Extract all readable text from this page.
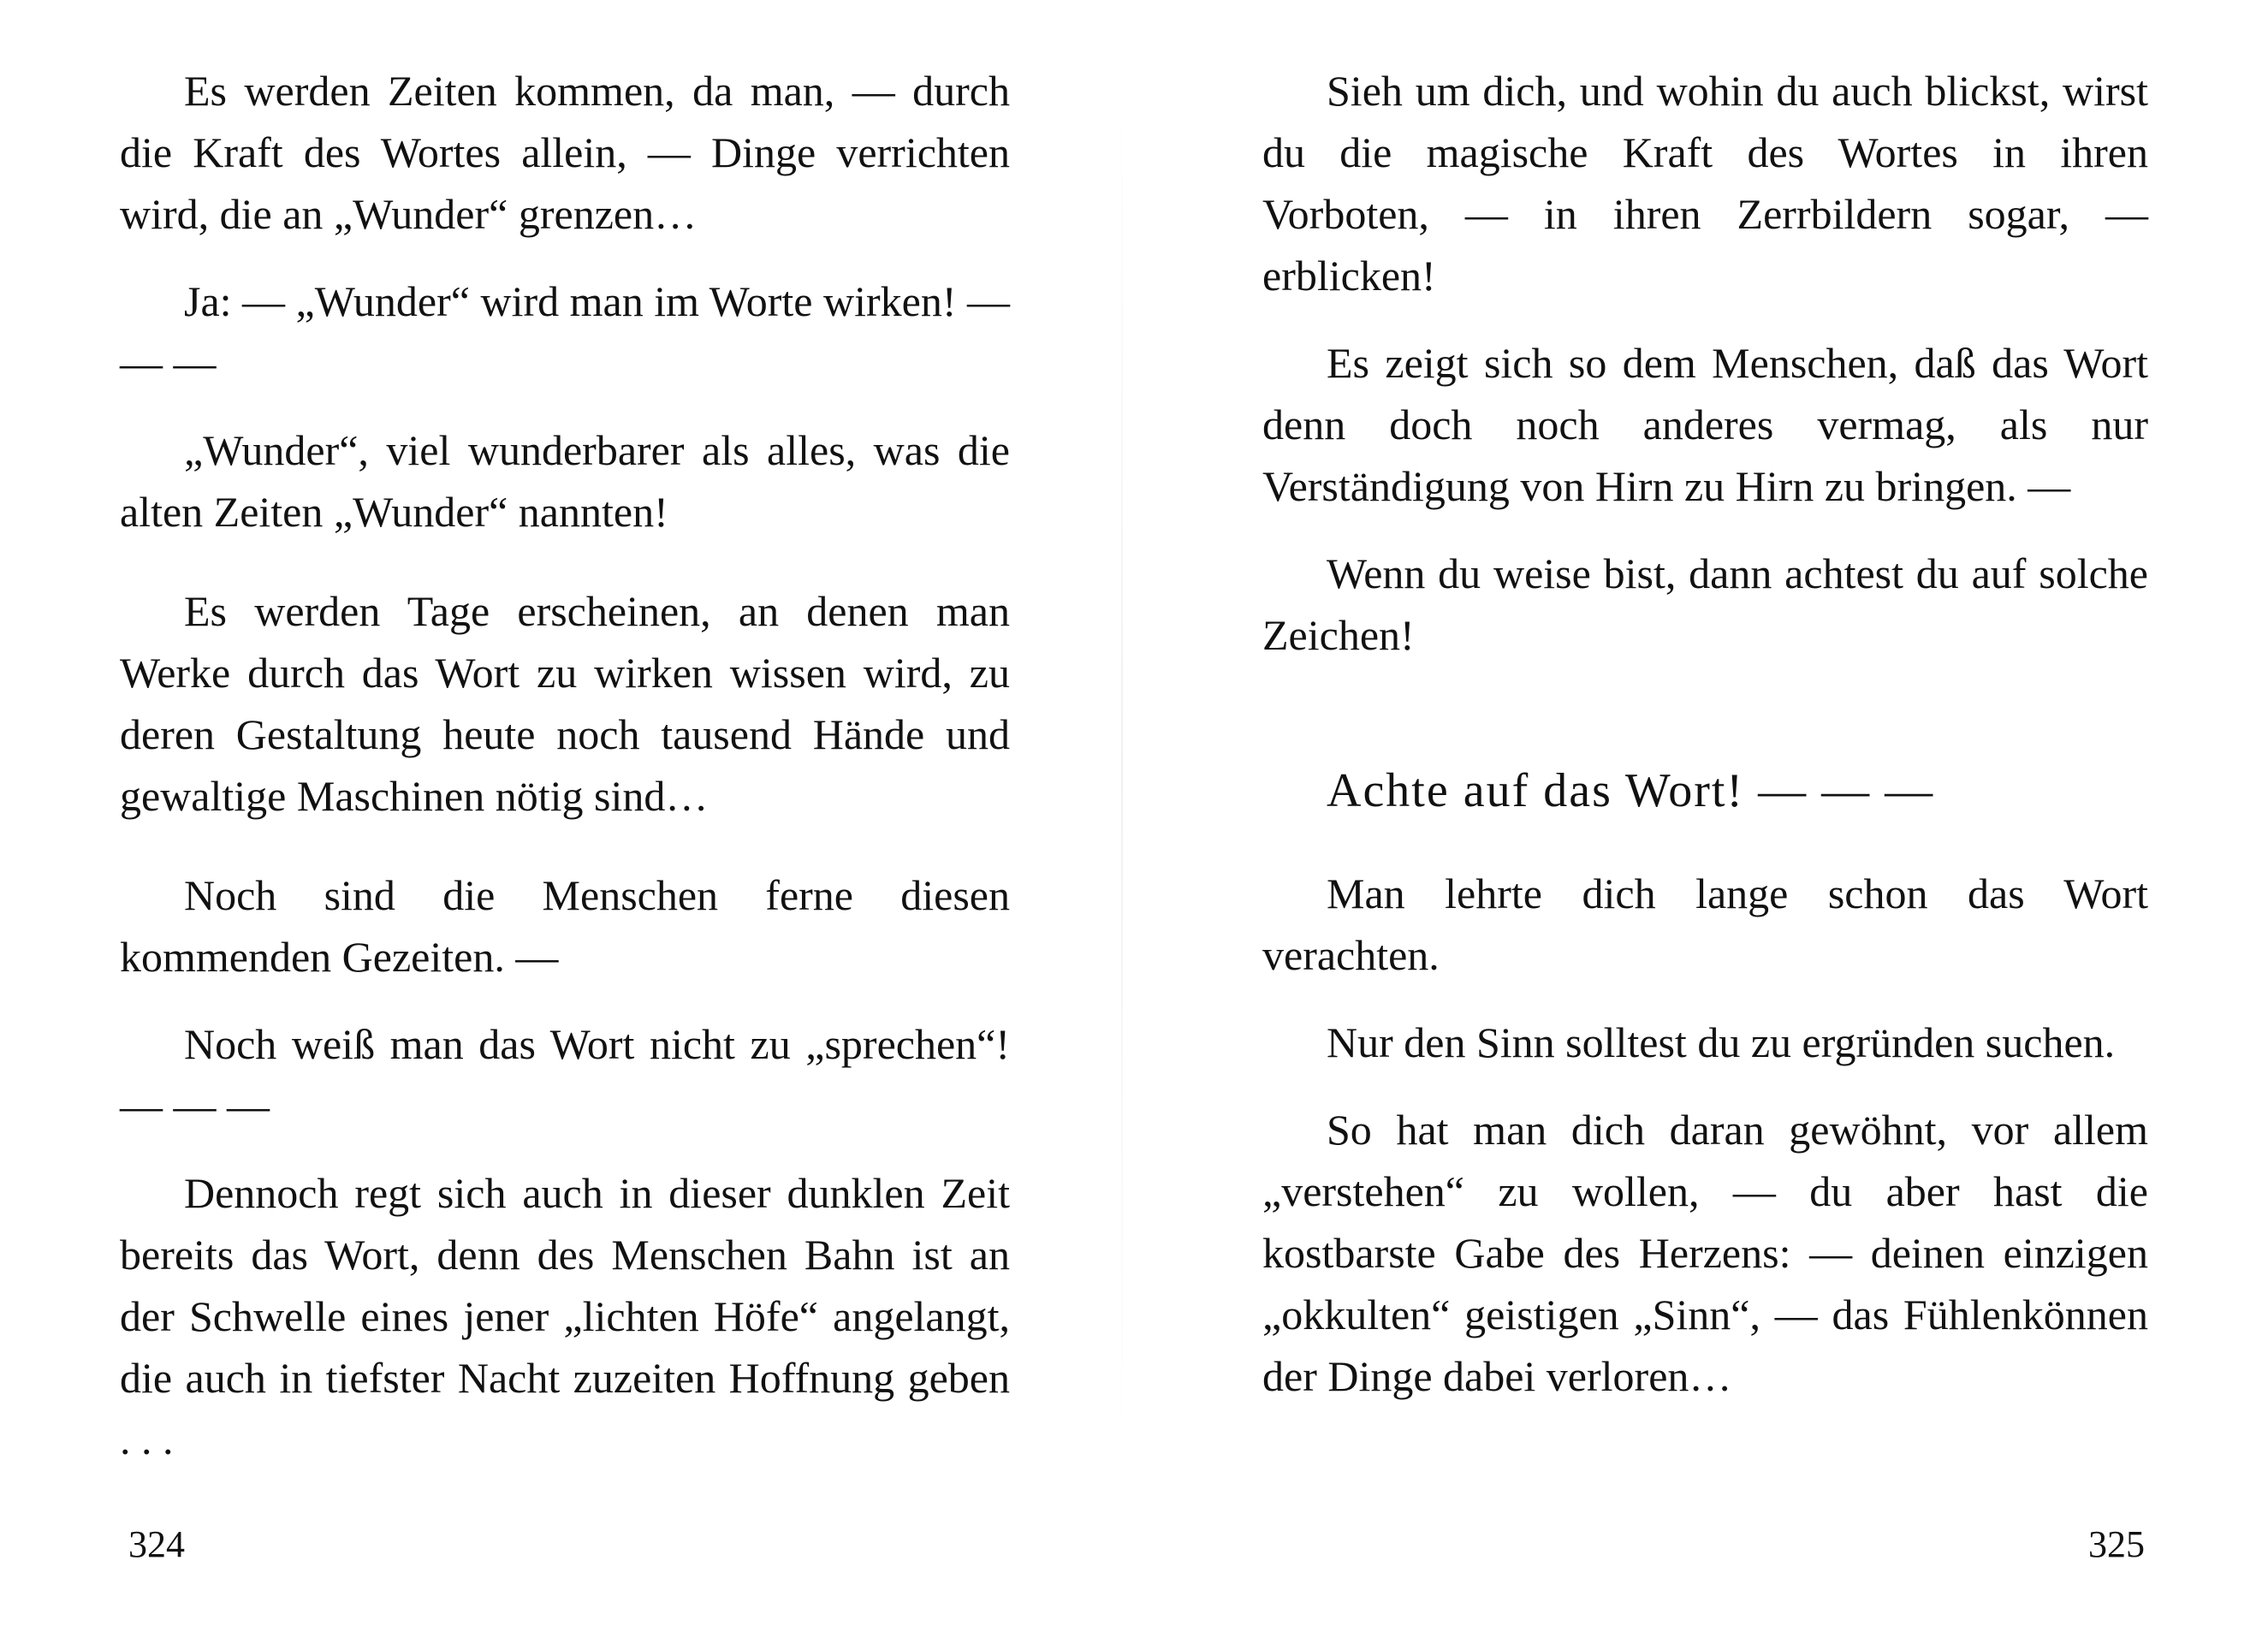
Es werden Zeiten kommen, da man, — durch die Kraft des Wortes allein, — Dinge verrichten wird, die an „Wunder“ grenzen…

Ja: — „Wunder“ wird man im Worte wirken! — — —

„Wunder“, viel wunderbarer als alles, was die alten Zeiten „Wunder“ nannten!

Es werden Tage erscheinen, an denen man Werke durch das Wort zu wirken wissen wird, zu deren Gestaltung heute noch tausend Hände und gewaltige Maschinen nötig sind…

Noch sind die Menschen ferne diesen kommenden Gezeiten. —

Noch weiß man das Wort nicht zu „sprechen“! — — —

Dennoch regt sich auch in dieser dunklen Zeit bereits das Wort, denn des Menschen Bahn ist an der Schwelle eines jener „lichten Höfe“ angelangt, die auch in tiefster Nacht zuzeiten Hoffnung geben . . .

324

Sieh um dich, und wohin du auch blickst, wirst du die magische Kraft des Wortes in ihren Vorboten, — in ihren Zerrbildern sogar, — erblicken!

Es zeigt sich so dem Menschen, daß das Wort denn doch noch anderes vermag, als nur Verständigung von Hirn zu Hirn zu bringen. —

Wenn du weise bist, dann achtest du auf solche Zeichen!

Achte auf das Wort! — — —

Man lehrte dich lange schon das Wort verachten.

Nur den Sinn solltest du zu ergründen suchen.

So hat man dich daran gewöhnt, vor allem „verstehen“ zu wollen, — du aber hast die kostbarste Gabe des Herzens: — deinen einzigen „okkulten“ geistigen „Sinn“, — das Fühlenkönnen der Dinge dabei verloren…

325
